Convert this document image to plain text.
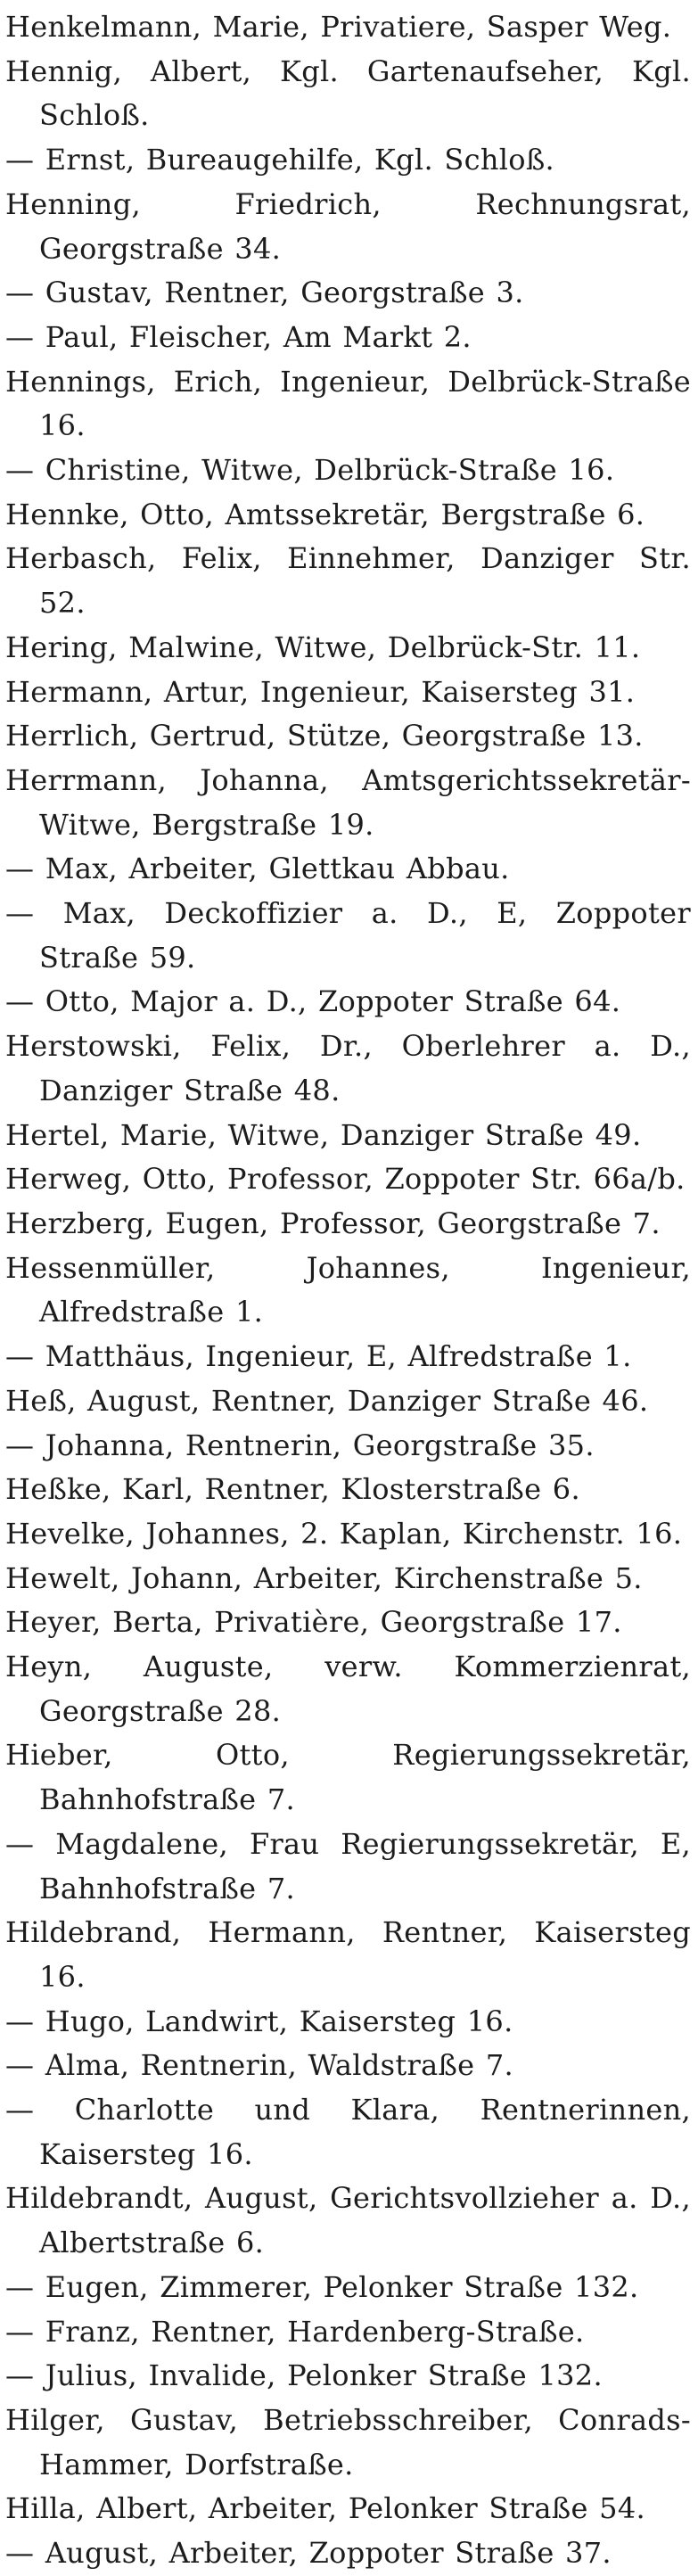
Henkelmann, Marie, Privatiere, Sasper Weg.
Hennig, Albert, Kgl. Gartenaufseher, Kgl. Schloß.
— Ernst, Bureaugehilfe, Kgl. Schloß.
Henning, Friedrich, Rechnungsrat, Georgstraße 34.
— Gustav, Rentner, Georgstraße 3.
— Paul, Fleischer, Am Markt 2.
Hennings, Erich, Ingenieur, Delbrück-Straße 16.
— Christine, Witwe, Delbrück-Straße 16.
Hennke, Otto, Amtssekretär, Bergstraße 6.
Herbasch, Felix, Einnehmer, Danziger Str. 52.
Hering, Malwine, Witwe, Delbrück-Str. 11.
Hermann, Artur, Ingenieur, Kaisersteg 31.
Herrlich, Gertrud, Stütze, Georgstraße 13.
Herrmann, Johanna, Amtsgerichtssekretär-Witwe, Bergstraße 19.
— Max, Arbeiter, Glettkau Abbau.
— Max, Deckoffizier a. D., E, Zoppoter Straße 59.
— Otto, Major a. D., Zoppoter Straße 64.
Herstowski, Felix, Dr., Oberlehrer a. D., Danziger Straße 48.
Hertel, Marie, Witwe, Danziger Straße 49.
Herweg, Otto, Professor, Zoppoter Str. 66a/b.
Herzberg, Eugen, Professor, Georgstraße 7.
Hessenmüller, Johannes, Ingenieur, Alfredstraße 1.
— Matthäus, Ingenieur, E, Alfredstraße 1.
Heß, August, Rentner, Danziger Straße 46.
— Johanna, Rentnerin, Georgstraße 35.
Heßke, Karl, Rentner, Klosterstraße 6.
Hevelke, Johannes, 2. Kaplan, Kirchenstr. 16.
Hewelt, Johann, Arbeiter, Kirchenstraße 5.
Heyer, Berta, Privatière, Georgstraße 17.
Heyn, Auguste, verw. Kommerzienrat, Georgstraße 28.
Hieber, Otto, Regierungssekretär, Bahnhofstraße 7.
— Magdalene, Frau Regierungssekretär, E, Bahnhofstraße 7.
Hildebrand, Hermann, Rentner, Kaisersteg 16.
— Hugo, Landwirt, Kaisersteg 16.
— Alma, Rentnerin, Waldstraße 7.
— Charlotte und Klara, Rentnerinnen, Kaisersteg 16.
Hildebrandt, August, Gerichtsvollzieher a. D., Albertstraße 6.
— Eugen, Zimmerer, Pelonker Straße 132.
— Franz, Rentner, Hardenberg-Straße.
— Julius, Invalide, Pelonker Straße 132.
Hilger, Gustav, Betriebsschreiber, Conrads-Hammer, Dorfstraße.
Hilla, Albert, Arbeiter, Pelonker Straße 54.
— August, Arbeiter, Zoppoter Straße 37.
